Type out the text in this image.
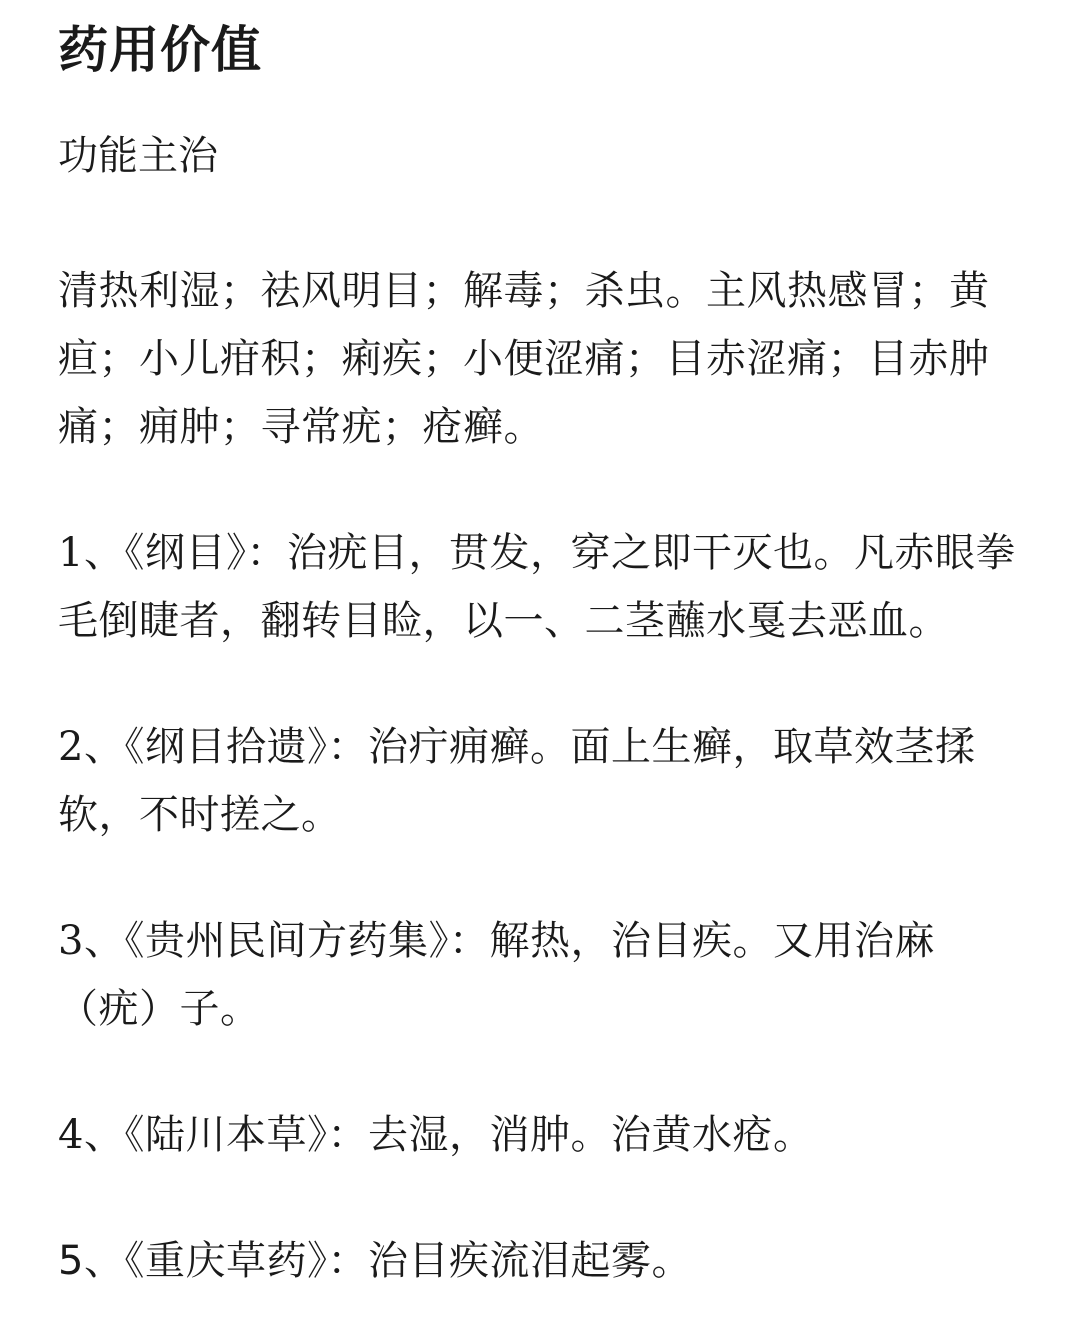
药用价值
功能主治

清热利湿；祛风明目；解毒；杀虫。主风热感冒；黄疸；小儿疳积；痢疾；小便涩痛；目赤涩痛；目赤肿痛；痈肿；寻常疣；疮癣。

1、《纲目》：治疣目，贯发，穿之即干灭也。凡赤眼拳毛倒睫者，翻转目睑，以一、二茎蘸水戛去恶血。

2、《纲目拾遗》：治疔痈癣。面上生癣，取草效茎揉软，不时搓之。

3、《贵州民间方药集》：解热，治目疾。又用治麻（疣）子。

4、《陆川本草》：去湿，消肿。治黄水疮。

5、《重庆草药》：治目疾流泪起雾。
